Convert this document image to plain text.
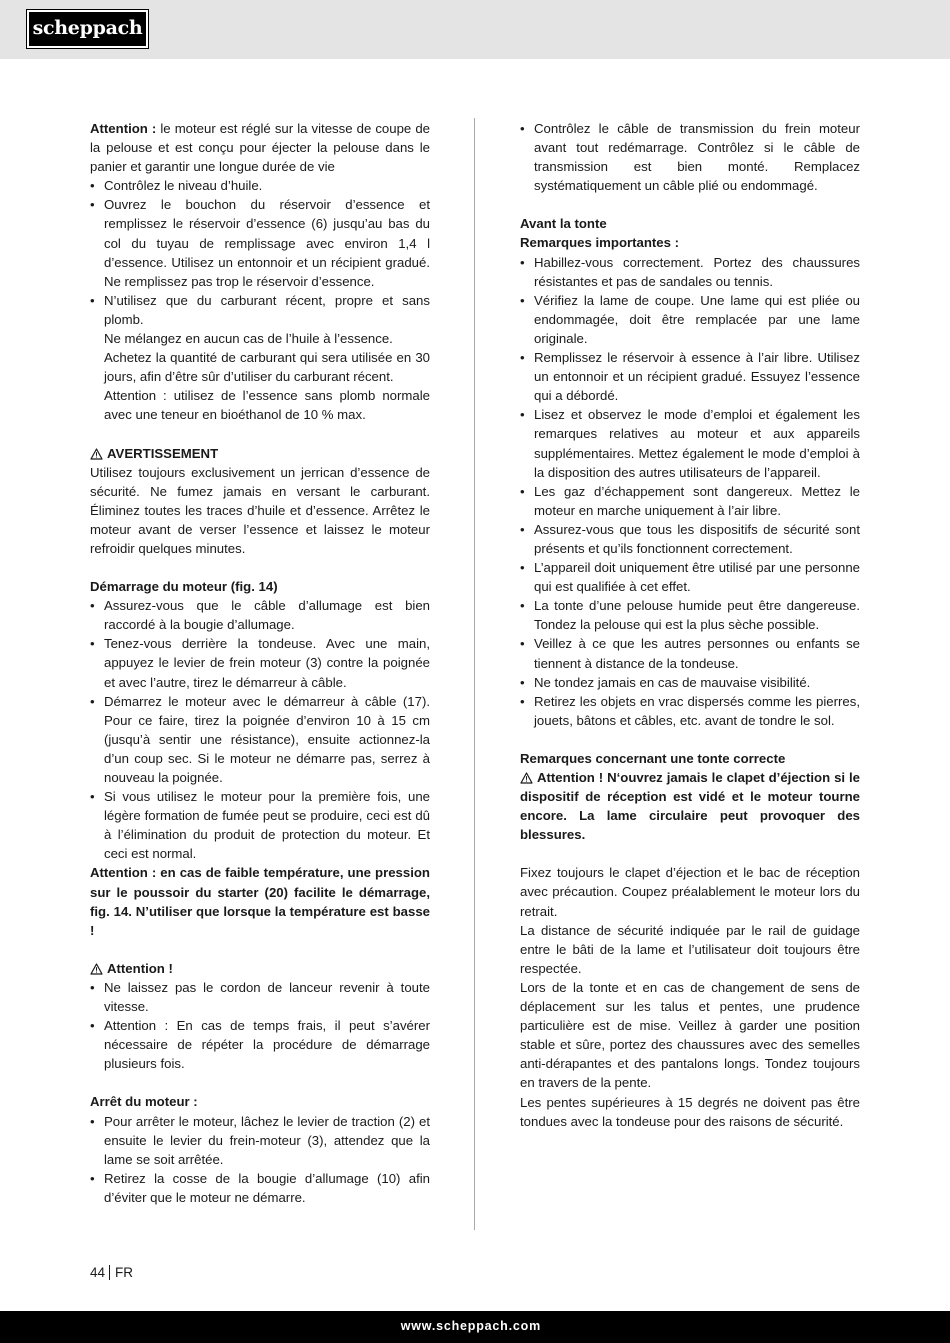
scheppach

Attention : le moteur est réglé sur la vitesse de coupe de la pelouse et est conçu pour éjecter la pelouse dans le panier et garantir une longue durée de vie

• Contrôlez le niveau d’huile.
• Ouvrez le bouchon du réservoir d’essence et remplissez le réservoir d’essence (6) jusqu’au bas du col du tuyau de remplissage avec environ 1,4 l d’essence. Utilisez un entonnoir et un récipient gradué. Ne remplissez pas trop le réservoir d’essence.
• N’utilisez que du carburant récent, propre et sans plomb.

Ne mélangez en aucun cas de l’huile à l’essence.

Achetez la quantité de carburant qui sera utilisée en 30 jours, afin d’être sûr d’utiliser du carburant récent.

Attention : utilisez de l’essence sans plomb normale avec une teneur en bioéthanol de 10 % max.

AVERTISSEMENT

Utilisez toujours exclusivement un jerrican d’essence de sécurité. Ne fumez jamais en versant le carburant. Éliminez toutes les traces d’huile et d’essence. Arrêtez le moteur avant de verser l’essence et laissez le moteur refroidir quelques minutes.

Démarrage du moteur (fig. 14)

• Assurez-vous que le câble d’allumage est bien raccordé à la bougie d’allumage.
• Tenez-vous derrière la tondeuse. Avec une main, appuyez le levier de frein moteur (3) contre la poignée et avec l’autre, tirez le démarreur à câble.
• Démarrez le moteur avec le démarreur à câble (17). Pour ce faire, tirez la poignée d’environ 10 à 15 cm (jusqu’à sentir une résistance), ensuite actionnez-la d’un coup sec. Si le moteur ne démarre pas, serrez à nouveau la poignée.
• Si vous utilisez le moteur pour la première fois, une légère formation de fumée peut se produire, ceci est dû à l’élimination du produit de protection du moteur. Et ceci est normal.

Attention : en cas de faible température, une pression sur le poussoir du starter (20) facilite le démarrage, fig. 14. N’utiliser que lorsque la température est basse !

Attention !

• Ne laissez pas le cordon de lanceur revenir à toute vitesse.
• Attention : En cas de temps frais, il peut s’avérer nécessaire de répéter la procédure de démarrage plusieurs fois.

Arrêt du moteur :

• Pour arrêter le moteur, lâchez le levier de traction (2) et ensuite le levier du frein-moteur (3), attendez que la lame se soit arrêtée.
• Retirez la cosse de la bougie d’allumage (10) afin d’éviter que le moteur ne démarre.
• Contrôlez le câble de transmission du frein moteur avant tout redémarrage. Contrôlez si le câble de transmission est bien monté. Remplacez systématiquement un câble plié ou endommagé.

Avant la tonte

Remarques importantes :

• Habillez-vous correctement. Portez des chaussures résistantes et pas de sandales ou tennis.
• Vérifiez la lame de coupe. Une lame qui est pliée ou endommagée, doit être remplacée par une lame originale.
• Remplissez le réservoir à essence à l’air libre. Utilisez un entonnoir et un récipient gradué. Essuyez l’essence qui a débordé.
• Lisez et observez le mode d’emploi et également les remarques relatives au moteur et aux appareils supplémentaires. Mettez également le mode d’emploi à la disposition des autres utilisateurs de l’appareil.
• Les gaz d’échappement sont dangereux. Mettez le moteur en marche uniquement à l’air libre.
• Assurez-vous que tous les dispositifs de sécurité sont présents et qu’ils fonctionnent correctement.
• L’appareil doit uniquement être utilisé par une personne qui est qualifiée à cet effet.
• La tonte d’une pelouse humide peut être dangereuse. Tondez la pelouse qui est la plus sèche possible.
• Veillez à ce que les autres personnes ou enfants se tiennent à distance de la tondeuse.
• Ne tondez jamais en cas de mauvaise visibilité.
• Retirez les objets en vrac dispersés comme les pierres, jouets, bâtons et câbles, etc. avant de tondre le sol.

Remarques concernant une tonte correcte

Attention ! N‘ouvrez jamais le clapet d’éjection si le dispositif de réception est vidé et le moteur tourne encore. La lame circulaire peut provoquer des blessures.

Fixez toujours le clapet d’éjection et le bac de réception avec précaution. Coupez préalablement le moteur lors du retrait.

La distance de sécurité indiquée par le rail de guidage entre le bâti de la lame et l’utilisateur doit toujours être respectée.

Lors de la tonte et en cas de changement de sens de déplacement sur les talus et pentes, une prudence particulière est de mise. Veillez à garder une position stable et sûre, portez des chaussures avec des semelles anti-dérapantes et des pantalons longs. Tondez toujours en travers de la pente.

Les pentes supérieures à 15 degrés ne doivent pas être tondues avec la tondeuse pour des raisons de sécurité.

44 FR
www.scheppach.com
